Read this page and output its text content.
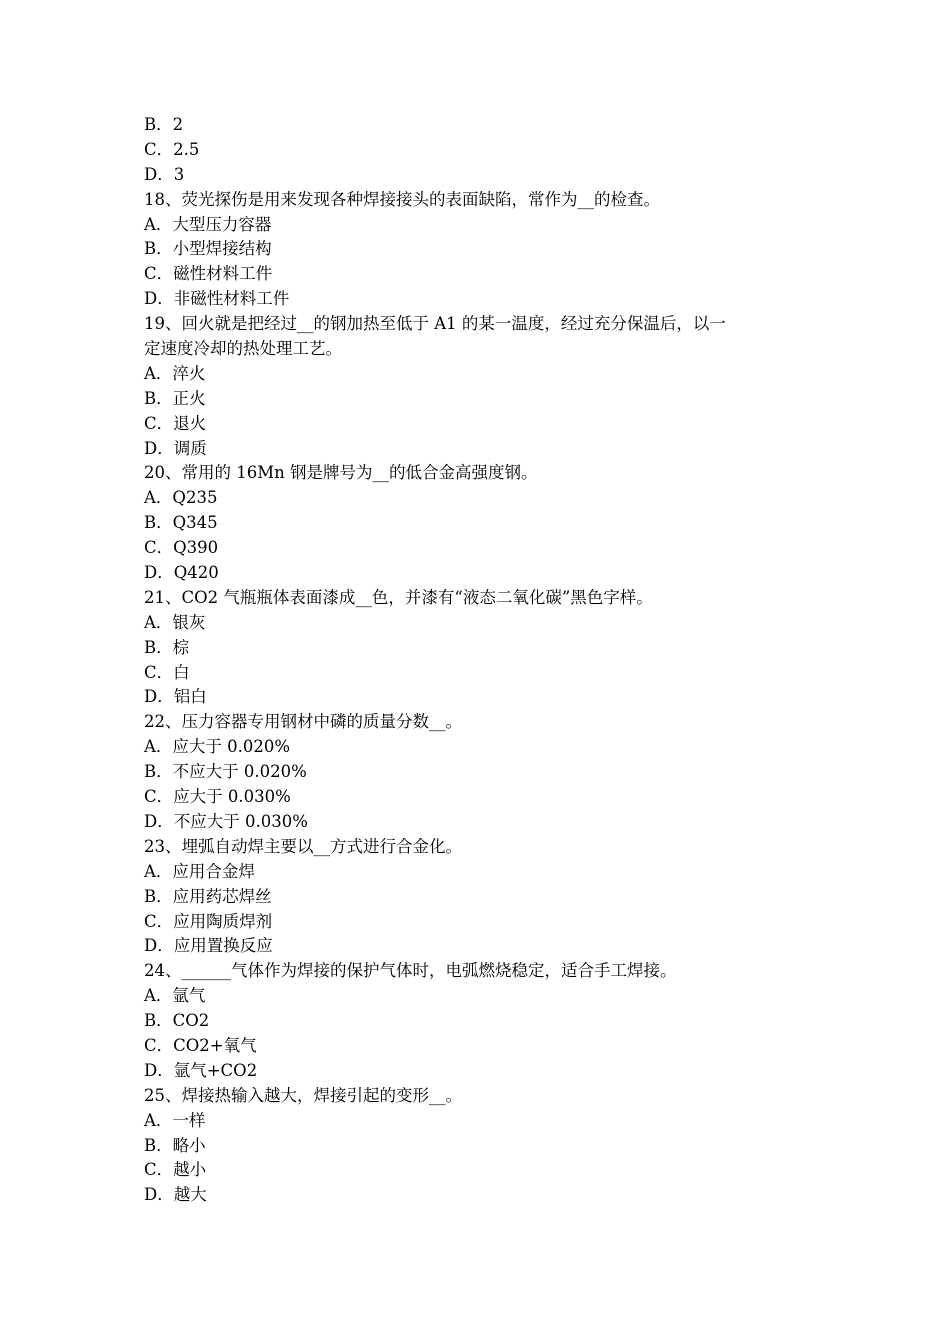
B．2
C．2.5
D．3
18、荧光探伤是用来发现各种焊接接头的表面缺陷，常作为__的检查。
A．大型压力容器
B．小型焊接结构
C．磁性材料工件
D．非磁性材料工件
19、回火就是把经过__的钢加热至低于 A1 的某一温度，经过充分保温后，以一
定速度冷却的热处理工艺。
A．淬火
B．正火
C．退火
D．调质
20、常用的 16Mn 钢是牌号为__的低合金高强度钢。
A．Q235
B．Q345
C．Q390
D．Q420
21、CO2 气瓶瓶体表面漆成__色，并漆有“液态二氧化碳”黑色字样。
A．银灰
B．棕
C．白
D．铝白
22、压力容器专用钢材中磷的质量分数__。
A．应大于 0.020%
B．不应大于 0.020%
C．应大于 0.030%
D．不应大于 0.030%
23、埋弧自动焊主要以__方式进行合金化。
A．应用合金焊
B．应用药芯焊丝
C．应用陶质焊剂
D．应用置换反应
24、______气体作为焊接的保护气体时，电弧燃烧稳定，适合手工焊接。
A．氩气
B．CO2
C．CO2+氧气
D．氩气+CO2
25、焊接热输入越大，焊接引起的变形__。
A．一样
B．略小
C．越小
D．越大
